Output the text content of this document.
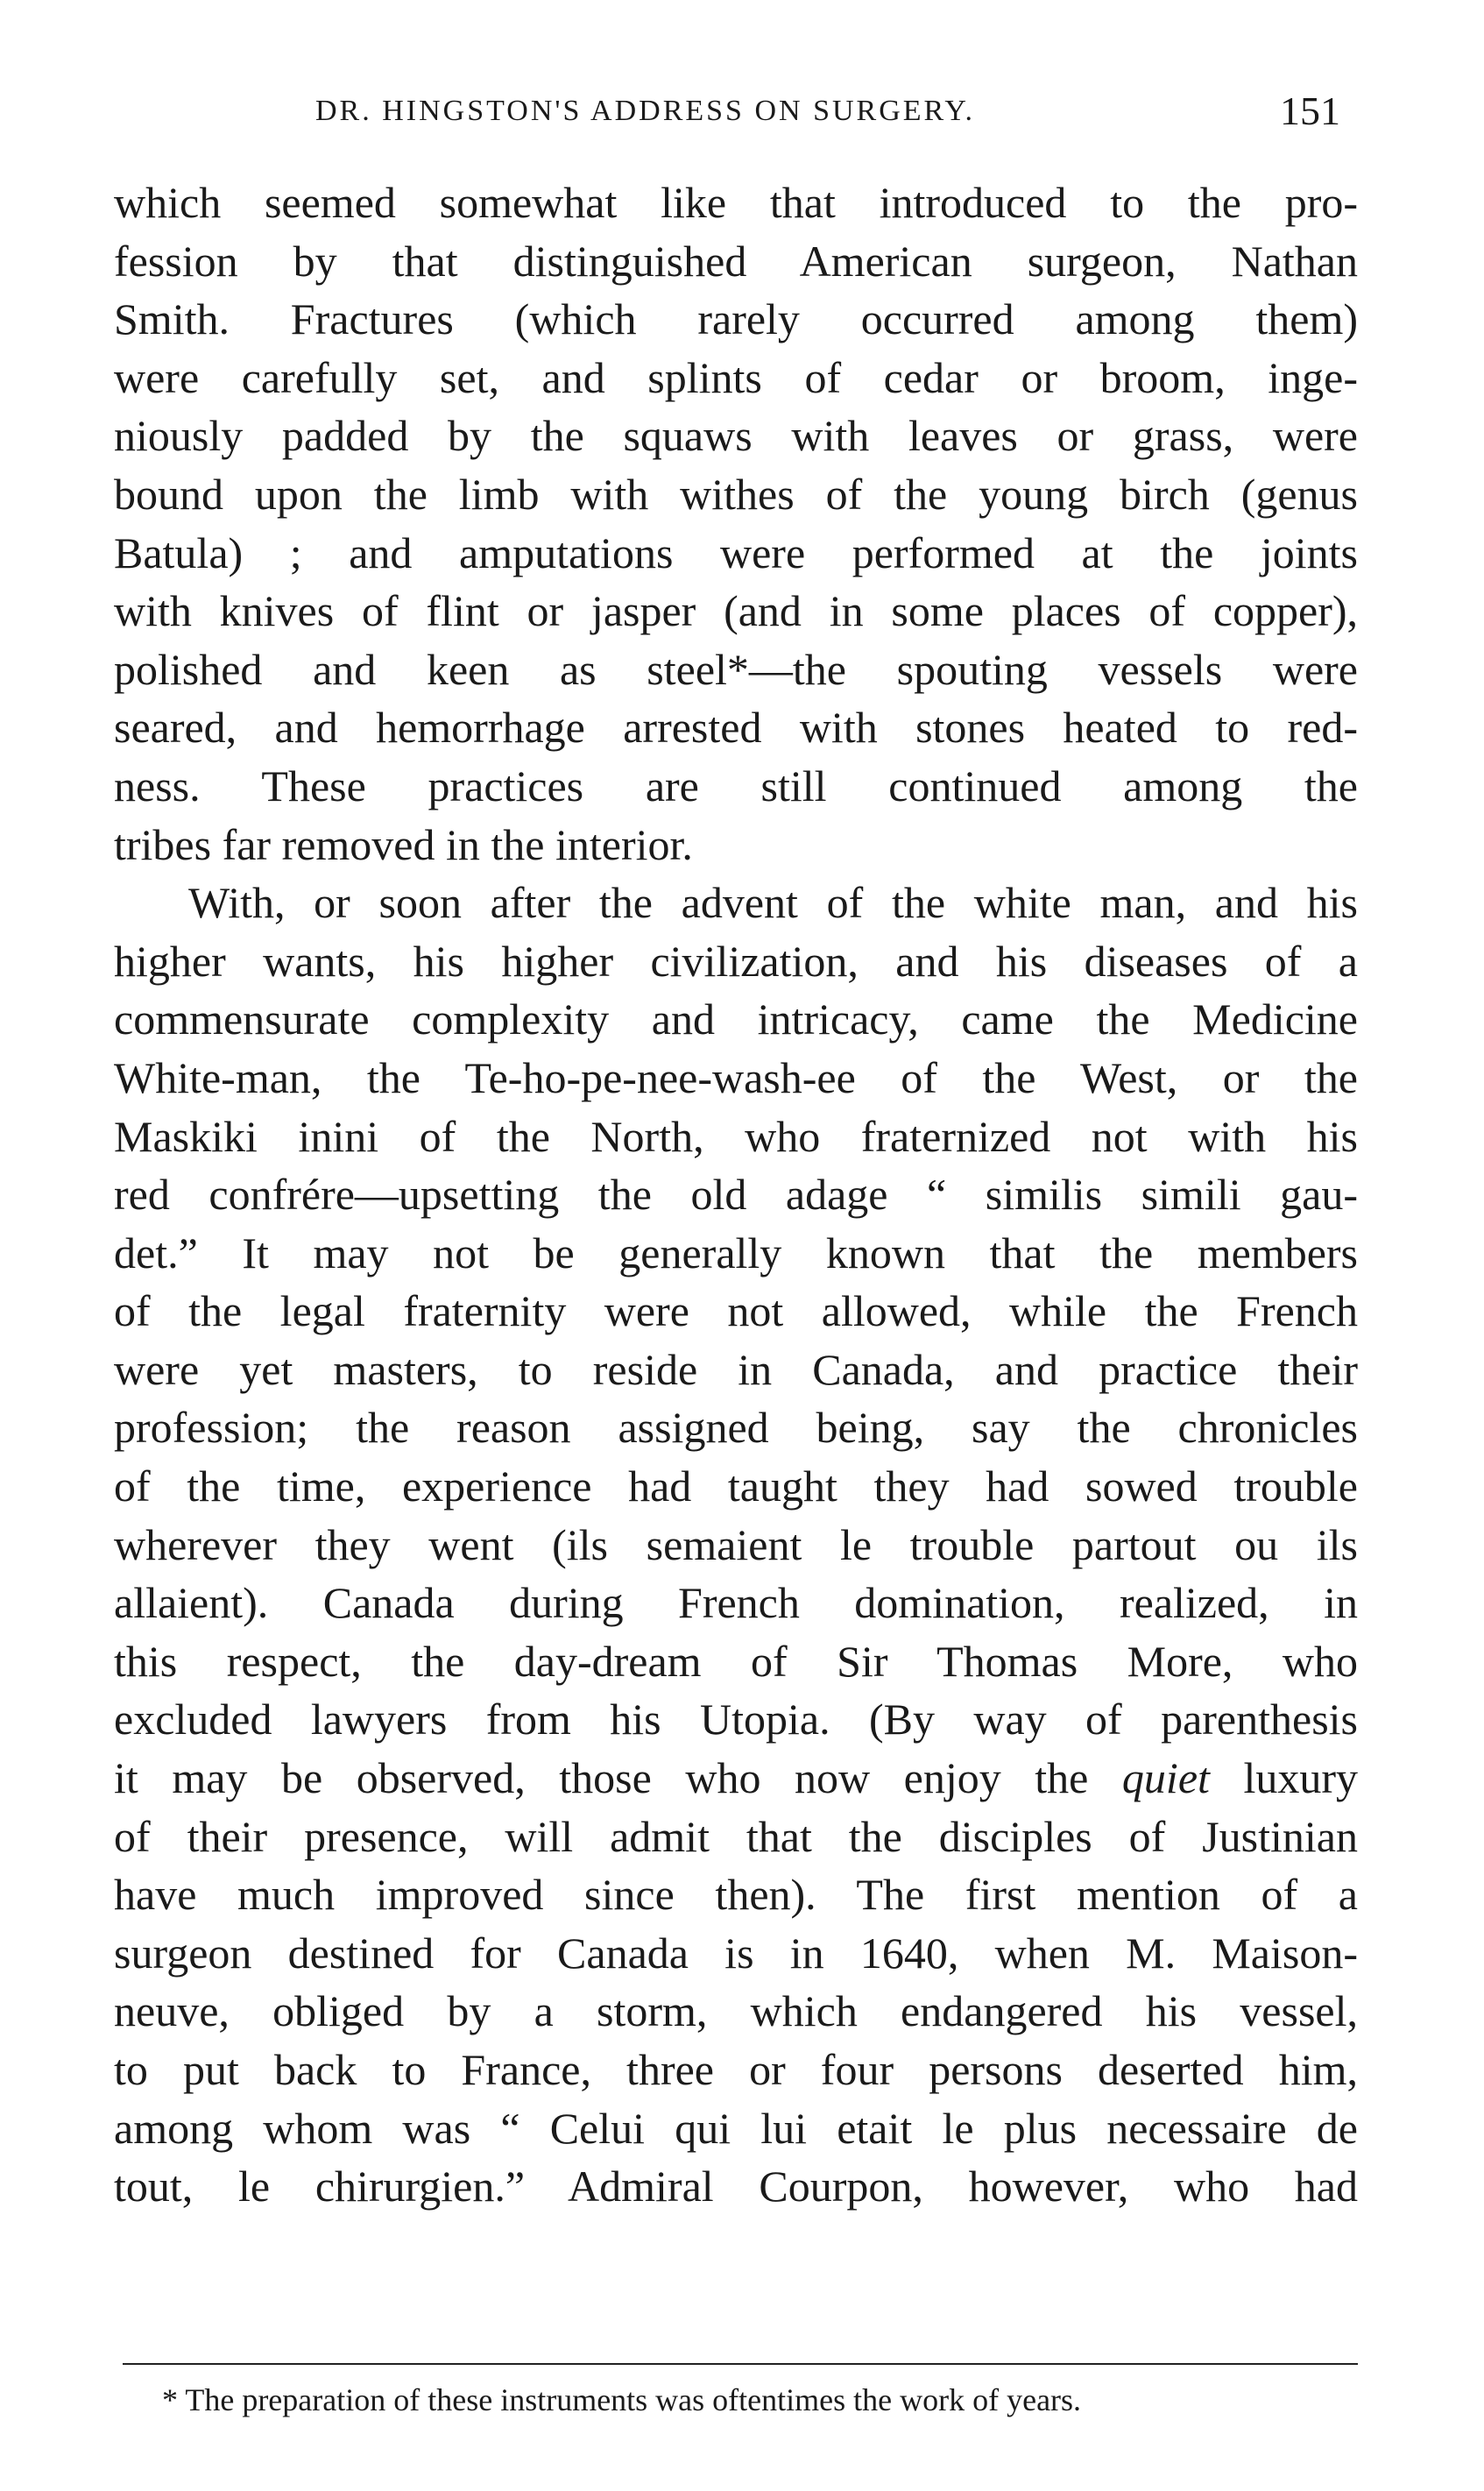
DR. HINGSTON'S ADDRESS ON SURGERY.	151
which seemed somewhat like that introduced to the pro-
fession by that distinguished American surgeon, Nathan
Smith. Fractures (which rarely occurred among them)
were carefully set, and splints of cedar or broom, inge-
niously padded by the squaws with leaves or grass, were
bound upon the limb with withes of the young birch (genus
Batula) ; and amputations were performed at the joints
with knives of flint or jasper (and in some places of copper),
polished and keen as steel*—the spouting vessels were
seared, and hemorrhage arrested with stones heated to red-
ness. These practices are still continued among the
tribes far removed in the interior.
With, or soon after the advent of the white man, and his
higher wants, his higher civilization, and his diseases of a
commensurate complexity and intricacy, came the Medicine
White-man, the Te-ho-pe-nee-wash-ee of the West, or the
Maskiki inini of the North, who fraternized not with his
red confrére—upsetting the old adage “ similis simili gau-
det.” It may not be generally known that the members
of the legal fraternity were not allowed, while the French
were yet masters, to reside in Canada, and practice their
profession; the reason assigned being, say the chronicles
of the time, experience had taught they had sowed trouble
wherever they went (ils semaient le trouble partout ou ils
allaient). Canada during French domination, realized, in
this respect, the day-dream of Sir Thomas More, who
excluded lawyers from his Utopia. (By way of parenthesis
it may be observed, those who now enjoy the quiet luxury
of their presence, will admit that the disciples of Justinian
have much improved since then). The first mention of a
surgeon destined for Canada is in 1640, when M. Maison-
neuve, obliged by a storm, which endangered his vessel,
to put back to France, three or four persons deserted him,
among whom was “ Celui qui lui etait le plus necessaire de
tout, le chirurgien.” Admiral Courpon, however, who had
* The preparation of these instruments was oftentimes the work of years.
